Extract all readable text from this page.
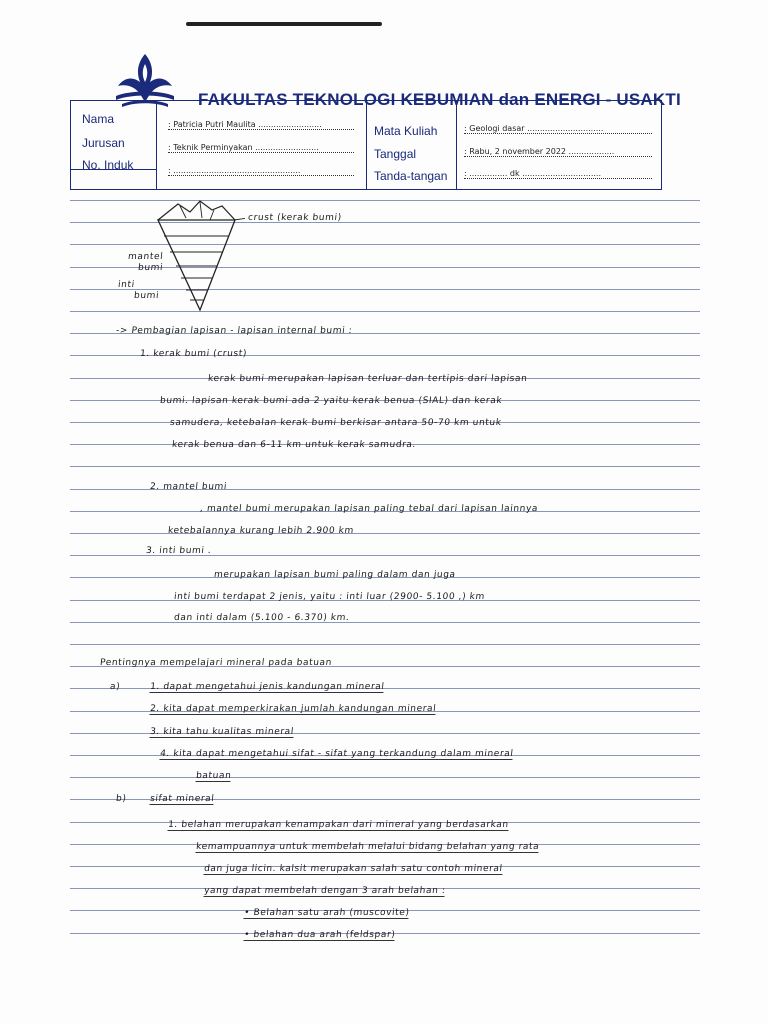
FAKULTAS TEKNOLOGI KEBUMIAN dan ENERGI - USAKTI
Nama
Jurusan
No. Induk
Mata Kuliah
Tanggal
Tanda-tangan
: Patricia Putri Maulita .........................
: Teknik Perminyakan .........................
: ..................................................
: Geologi dasar ..............................
: Rabu, 2 november 2022 ..................
: ............... dk ...............................
crust (kerak bumi)
mantel
bumi
inti
bumi
-> Pembagian lapisan - lapisan internal bumi :
1. kerak bumi (crust)
kerak bumi merupakan lapisan terluar dan tertipis dari lapisan
bumi. lapisan kerak bumi ada 2 yaitu kerak benua (SIAL) dan kerak
samudera, ketebalan kerak bumi berkisar antara 50-70 km untuk
kerak benua dan 6-11 km untuk kerak samudra.
2. mantel bumi
, mantel bumi merupakan lapisan paling tebal dari lapisan lainnya
ketebalannya kurang lebih 2.900 km
3. inti bumi .
merupakan lapisan bumi paling dalam dan juga
inti bumi terdapat 2 jenis, yaitu : inti luar (2900- 5.100 ,) km
dan inti dalam (5.100 - 6.370) km.
Pentingnya mempelajari mineral pada batuan
a)	1. dapat mengetahui jenis kandungan mineral
2. kita dapat memperkirakan jumlah kandungan mineral
3. kita tahu kualitas mineral
4. kita dapat mengetahui sifat - sifat yang terkandung dalam mineral
batuan
b)	sifat mineral
1. belahan merupakan kenampakan dari mineral yang berdasarkan
kemampuannya untuk membelah melalui bidang belahan yang rata
dan juga licin. kalsit merupakan salah satu contoh mineral
yang dapat membelah dengan 3 arah belahan :
• Belahan satu arah (muscovite)
• belahan dua arah (feldspar)
